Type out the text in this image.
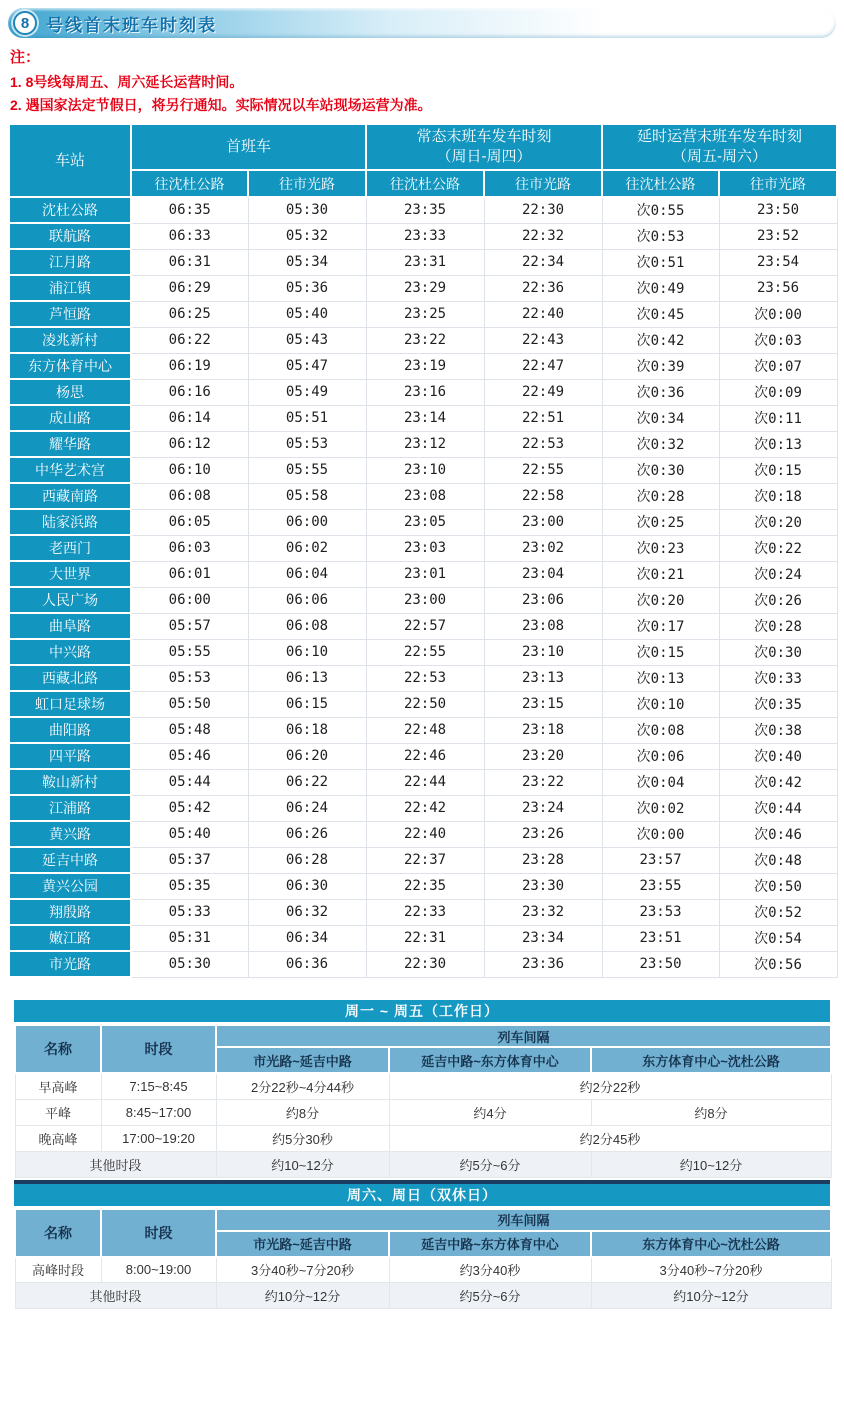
8 号线首末班车时刻表
注：
1. 8号线每周五、周六延长运营时间。
2. 遇国家法定节假日，将另行通知。实际情况以车站现场运营为准。
车站	
首班车

常态末班车发车时刻
（周日-周四）

延时运营末班车发车时刻
（周五-周六）

	往沈杜公路	往市光路	往沈杜公路	往市光路	往沈杜公路	往市光路
沈杜公路	06:35	05:30	23:35	22:30	次0:55	23:50
联航路	06:33	05:32	23:33	22:32	次0:53	23:52
江月路	06:31	05:34	23:31	22:34	次0:51	23:54
浦江镇	06:29	05:36	23:29	22:36	次0:49	23:56
芦恒路	06:25	05:40	23:25	22:40	次0:45	次0:00
凌兆新村	06:22	05:43	23:22	22:43	次0:42	次0:03
东方体育中心	06:19	05:47	23:19	22:47	次0:39	次0:07
杨思	06:16	05:49	23:16	22:49	次0:36	次0:09
成山路	06:14	05:51	23:14	22:51	次0:34	次0:11
耀华路	06:12	05:53	23:12	22:53	次0:32	次0:13
中华艺术宫	06:10	05:55	23:10	22:55	次0:30	次0:15
西藏南路	06:08	05:58	23:08	22:58	次0:28	次0:18
陆家浜路	06:05	06:00	23:05	23:00	次0:25	次0:20
老西门	06:03	06:02	23:03	23:02	次0:23	次0:22
大世界	06:01	06:04	23:01	23:04	次0:21	次0:24
人民广场	06:00	06:06	23:00	23:06	次0:20	次0:26
曲阜路	05:57	06:08	22:57	23:08	次0:17	次0:28
中兴路	05:55	06:10	22:55	23:10	次0:15	次0:30
西藏北路	05:53	06:13	22:53	23:13	次0:13	次0:33
虹口足球场	05:50	06:15	22:50	23:15	次0:10	次0:35
曲阳路	05:48	06:18	22:48	23:18	次0:08	次0:38
四平路	05:46	06:20	22:46	23:20	次0:06	次0:40
鞍山新村	05:44	06:22	22:44	23:22	次0:04	次0:42
江浦路	05:42	06:24	22:42	23:24	次0:02	次0:44
黄兴路	05:40	06:26	22:40	23:26	次0:00	次0:46
延吉中路	05:37	06:28	22:37	23:28	23:57	次0:48
黄兴公园	05:35	06:30	22:35	23:30	23:55	次0:50
翔殷路	05:33	06:32	22:33	23:32	23:53	次0:52
嫩江路	05:31	06:34	22:31	23:34	23:51	次0:54
市光路	05:30	06:36	22:30	23:36	23:50	次0:56
周一 ~ 周五（工作日）
名称	时段	列车间隔		
		市光路~延吉中路	延吉中路~东方体育中心	东方体育中心~沈杜公路
早高峰	7:15~8:45	2分22秒~4分44秒	约2分22秒	
平峰	8:45~17:00	约8分	约4分	约8分
晚高峰	17:00~19:20	约5分30秒	约2分45秒	
其他时段		约10~12分	约5分~6分	约10~12分
周六、周日（双休日）
名称	时段	列车间隔		
		市光路~延吉中路	延吉中路~东方体育中心	东方体育中心~沈杜公路
高峰时段	8:00~19:00	3分40秒~7分20秒	约3分40秒	3分40秒~7分20秒
其他时段		约10分~12分	约5分~6分	约10分~12分
